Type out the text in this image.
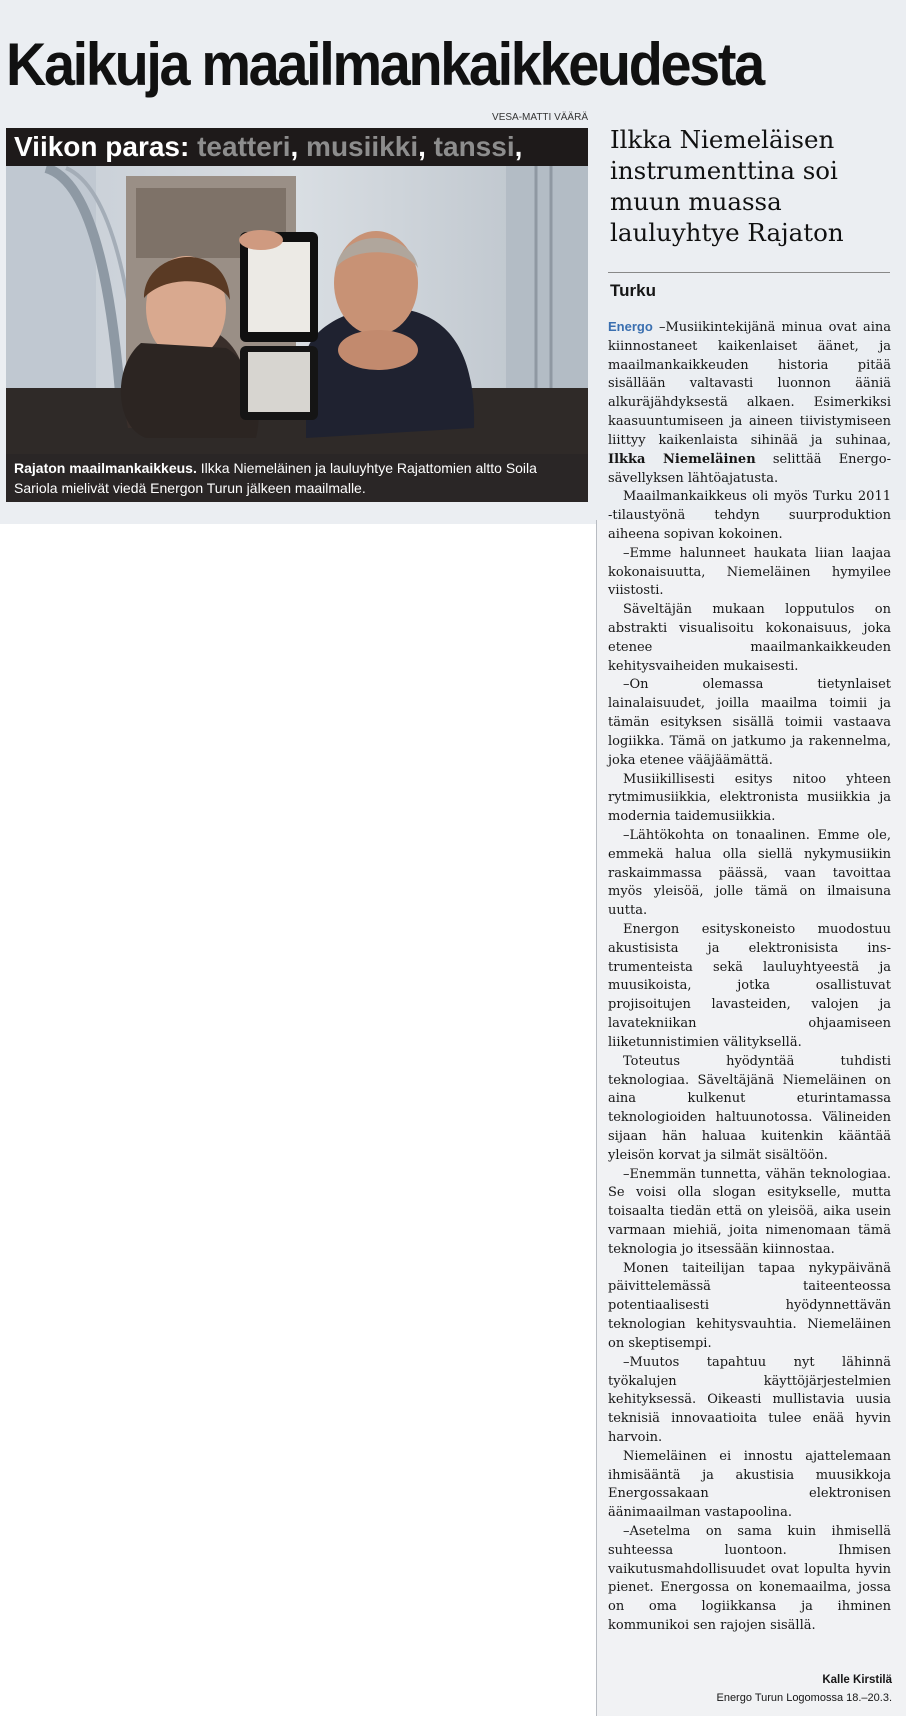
Kaikuja maailmankaikkeudesta
VESA-MATTI VÄÄRÄ
Viikon paras: teatteri, musiikki, tanssi,
Rajaton maailmankaikkeus. Ilkka Niemeläinen ja lauluyhtye Rajattomien altto Soila Sariola mielivät viedä Energon Turun jälkeen maailmalle.
Ilkka Niemeläisen instrumenttina soi muun muassa lauluyhtye Rajaton
Turku

Energo –Musiikintekijänä minua ovat aina kiinnostaneet kaikenlaiset äänet, ja maailmankaikkeuden historia pitää sisällään valtavasti luonnon ääniä alkuräjähdyksestä alkaen. Esimerkiksi kaasuuntumiseen ja aineen tiivistymiseen liittyy kaikenlaista sihinää ja suhinaa, Ilkka Niemeläinen selittää Energo-sävellyksen lähtöajatusta.

Maailmankaikkeus oli myös Turku 2011 -tilaustyönä tehdyn suurproduktion aiheena sopivan kokoinen.

–Emme halunneet haukata liian laajaa kokonaisuutta, Niemeläinen hymyilee viistosti.

Säveltäjän mukaan lopputulos on abstrakti visualisoitu kokonaisuus, joka etenee maailmankaikkeuden kehitysvaiheiden mukaisesti.

–On olemassa tietynlaiset lainalaisuudet, joilla maailma toimii ja tämän esityksen sisällä toimii vastaava logiikka. Tämä on jatkumo ja rakennelma, joka etenee vääjäämättä.

Musiikillisesti esitys nitoo yhteen rytmimusiikkia, elektronista musiikkia ja modernia taidemusiikkia.

–Lähtökohta on tonaalinen. Emme ole, emmekä halua olla siellä nykymusiikin raskaimmassa päässä, vaan tavoittaa myös yleisöä, jolle tämä on ilmaisuna uutta.

Energon esityskoneisto muodostuu akustisista ja elektronisista ins-trumenteista sekä lauluyhtyeestä ja muusikoista, jotka osallistuvat projisoitujen lavasteiden, valojen ja lavatekniikan ohjaamiseen liiketunnistimien välityksellä.

Toteutus hyödyntää tuhdisti teknologiaa. Säveltäjänä Niemeläinen on aina kulkenut eturintamassa teknologioiden haltuunotossa. Välineiden sijaan hän haluaa kuitenkin kääntää yleisön korvat ja silmät sisältöön.

–Enemmän tunnetta, vähän teknologiaa. Se voisi olla slogan esitykselle, mutta toisaalta tiedän että on yleisöä, aika usein varmaan miehiä, joita nimenomaan tämä teknologia jo itsessään kiinnostaa.

Monen taiteilijan tapaa nykypäivänä päivittelemässä taiteenteossa potentiaalisesti hyödynnettävän teknologian kehitysvauhtia. Niemeläinen on skeptisempi.

–Muutos tapahtuu nyt lähinnä työkalujen käyttöjärjestelmien kehityksessä. Oikeasti mullistavia uusia teknisiä innovaatioita tulee enää hyvin harvoin.

Niemeläinen ei innostu ajattelemaan ihmisääntä ja akustisia muusikkoja Energossakaan elektronisen äänimaailman vastapoolina.

–Asetelma on sama kuin ihmisellä suhteessa luontoon. Ihmisen vaikutusmahdollisuudet ovat lopulta hyvin pienet. Energossa on konemaailma, jossa on oma logiikkansa ja ihminen kommunikoi sen rajojen sisällä.

Kalle Kirstilä
Energo Turun Logomossa 18.–20.3.
